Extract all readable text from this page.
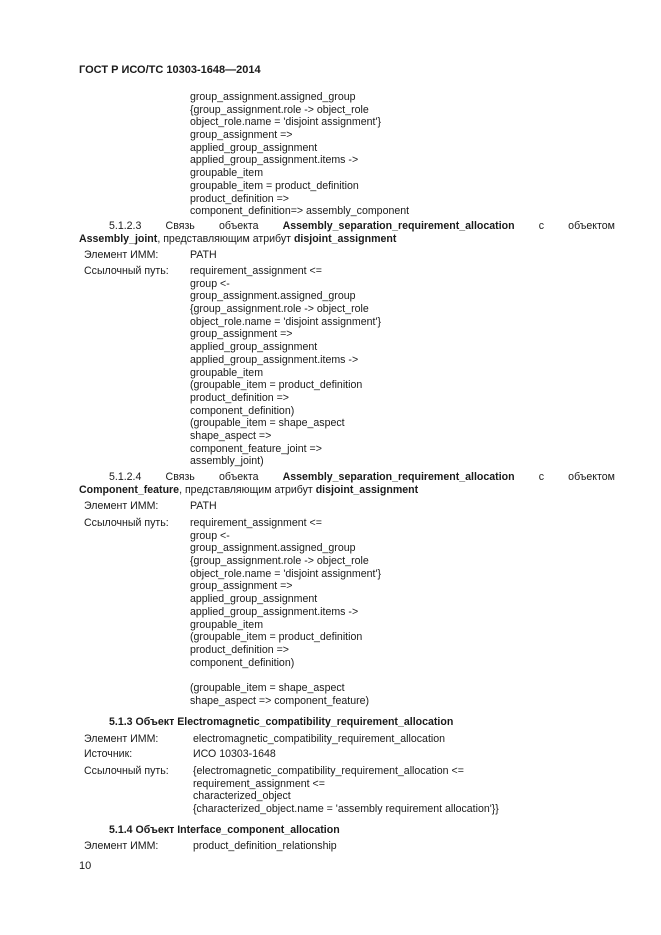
ГОСТ Р ИСО/ТС 10303-1648—2014
group_assignment.assigned_group
{group_assignment.role -> object_role
object_role.name = 'disjoint assignment'}
group_assignment =>
applied_group_assignment
applied_group_assignment.items ->
groupable_item
groupable_item = product_definition
product_definition =>
component_definition=> assembly_component
5.1.2.3 Связь объекта Assembly_separation_requirement_allocation с объектом
Assembly_joint, представляющим атрибут disjoint_assignment
Элемент ИММ:	PATH
Ссылочный путь: requirement_assignment <=
group <-
group_assignment.assigned_group
{group_assignment.role -> object_role
object_role.name = 'disjoint assignment'}
group_assignment =>
applied_group_assignment
applied_group_assignment.items ->
groupable_item
(groupable_item = product_definition
product_definition =>
component_definition)
(groupable_item = shape_aspect
shape_aspect =>
component_feature_joint =>
assembly_joint)
5.1.2.4 Связь объекта Assembly_separation_requirement_allocation с объектом
Component_feature, представляющим атрибут disjoint_assignment
Элемент ИММ:	PATH
Ссылочный путь: requirement_assignment <=
group <-
group_assignment.assigned_group
{group_assignment.role -> object_role
object_role.name = 'disjoint assignment'}
group_assignment =>
applied_group_assignment
applied_group_assignment.items ->
groupable_item
(groupable_item = product_definition
product_definition =>
component_definition)
(groupable_item = shape_aspect
shape_aspect => component_feature)
5.1.3 Объект Electromagnetic_compatibility_requirement_allocation
Элемент ИММ:	electromagnetic_compatibility_requirement_allocation
Источник:	ИСО 10303-1648
Ссылочный путь: {electromagnetic_compatibility_requirement_allocation <=
requirement_assignment <=
characterized_object
{characterized_object.name = 'assembly requirement allocation'}}
5.1.4 Объект Interface_component_allocation
Элемент ИММ:	product_definition_relationship
10
